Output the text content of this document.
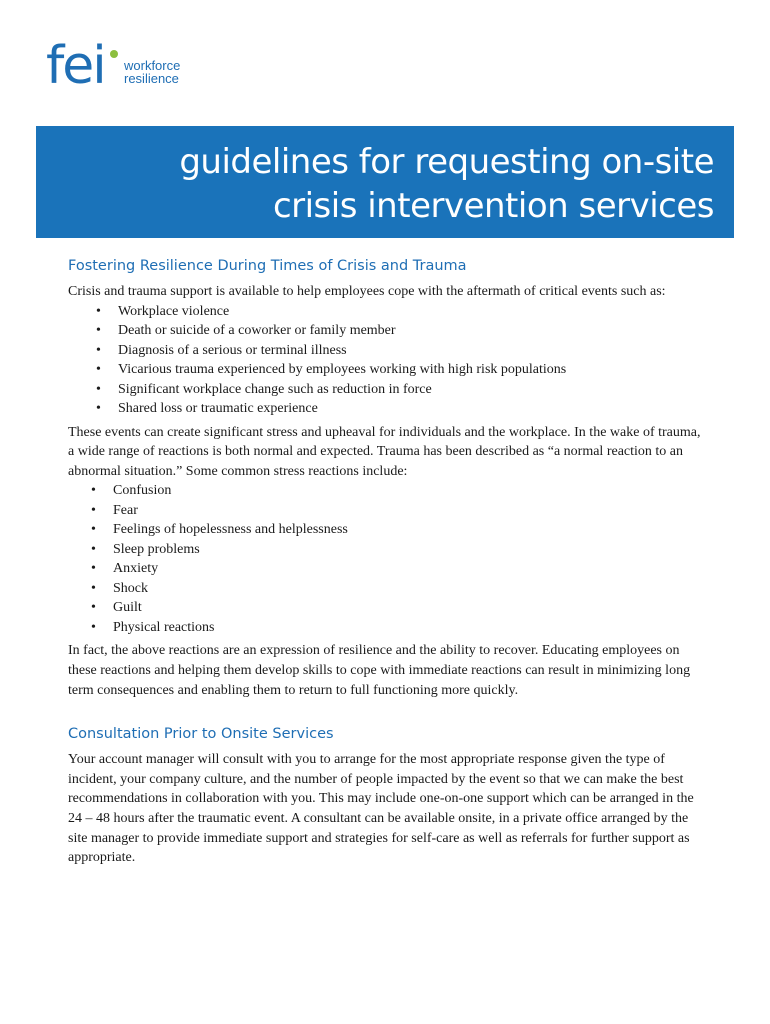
fei workforce
resilience
guidelines for requesting on-site
crisis intervention services
Fostering Resilience During Times of Crisis and Trauma

Crisis and trauma support is available to help employees cope with the aftermath of critical events such as:

• Workplace violence
• Death or suicide of a coworker or family member
• Diagnosis of a serious or terminal illness
• Vicarious trauma experienced by employees working with high risk populations
• Significant workplace change such as reduction in force
• Shared loss or traumatic experience

These events can create significant stress and upheaval for individuals and the workplace. In the wake of trauma, a wide range of reactions is both normal and expected. Trauma has been described as “a normal reaction to an abnormal situation.” Some common stress reactions include:

• Confusion
• Fear
• Feelings of hopelessness and helplessness
• Sleep problems
• Anxiety
• Shock
• Guilt
• Physical reactions

In fact, the above reactions are an expression of resilience and the ability to recover. Educating employees on these reactions and helping them develop skills to cope with immediate reactions can result in minimizing long term consequences and enabling them to return to full functioning more quickly.

Consultation Prior to Onsite Services

Your account manager will consult with you to arrange for the most appropriate response given the type of incident, your company culture, and the number of people impacted by the event so that we can make the best recommendations in collaboration with you. This may include one-on-one support which can be arranged in the 24 – 48 hours after the traumatic event. A consultant can be available onsite, in a private office arranged by the site manager to provide immediate support and strategies for self-care as well as referrals for further support as appropriate.
